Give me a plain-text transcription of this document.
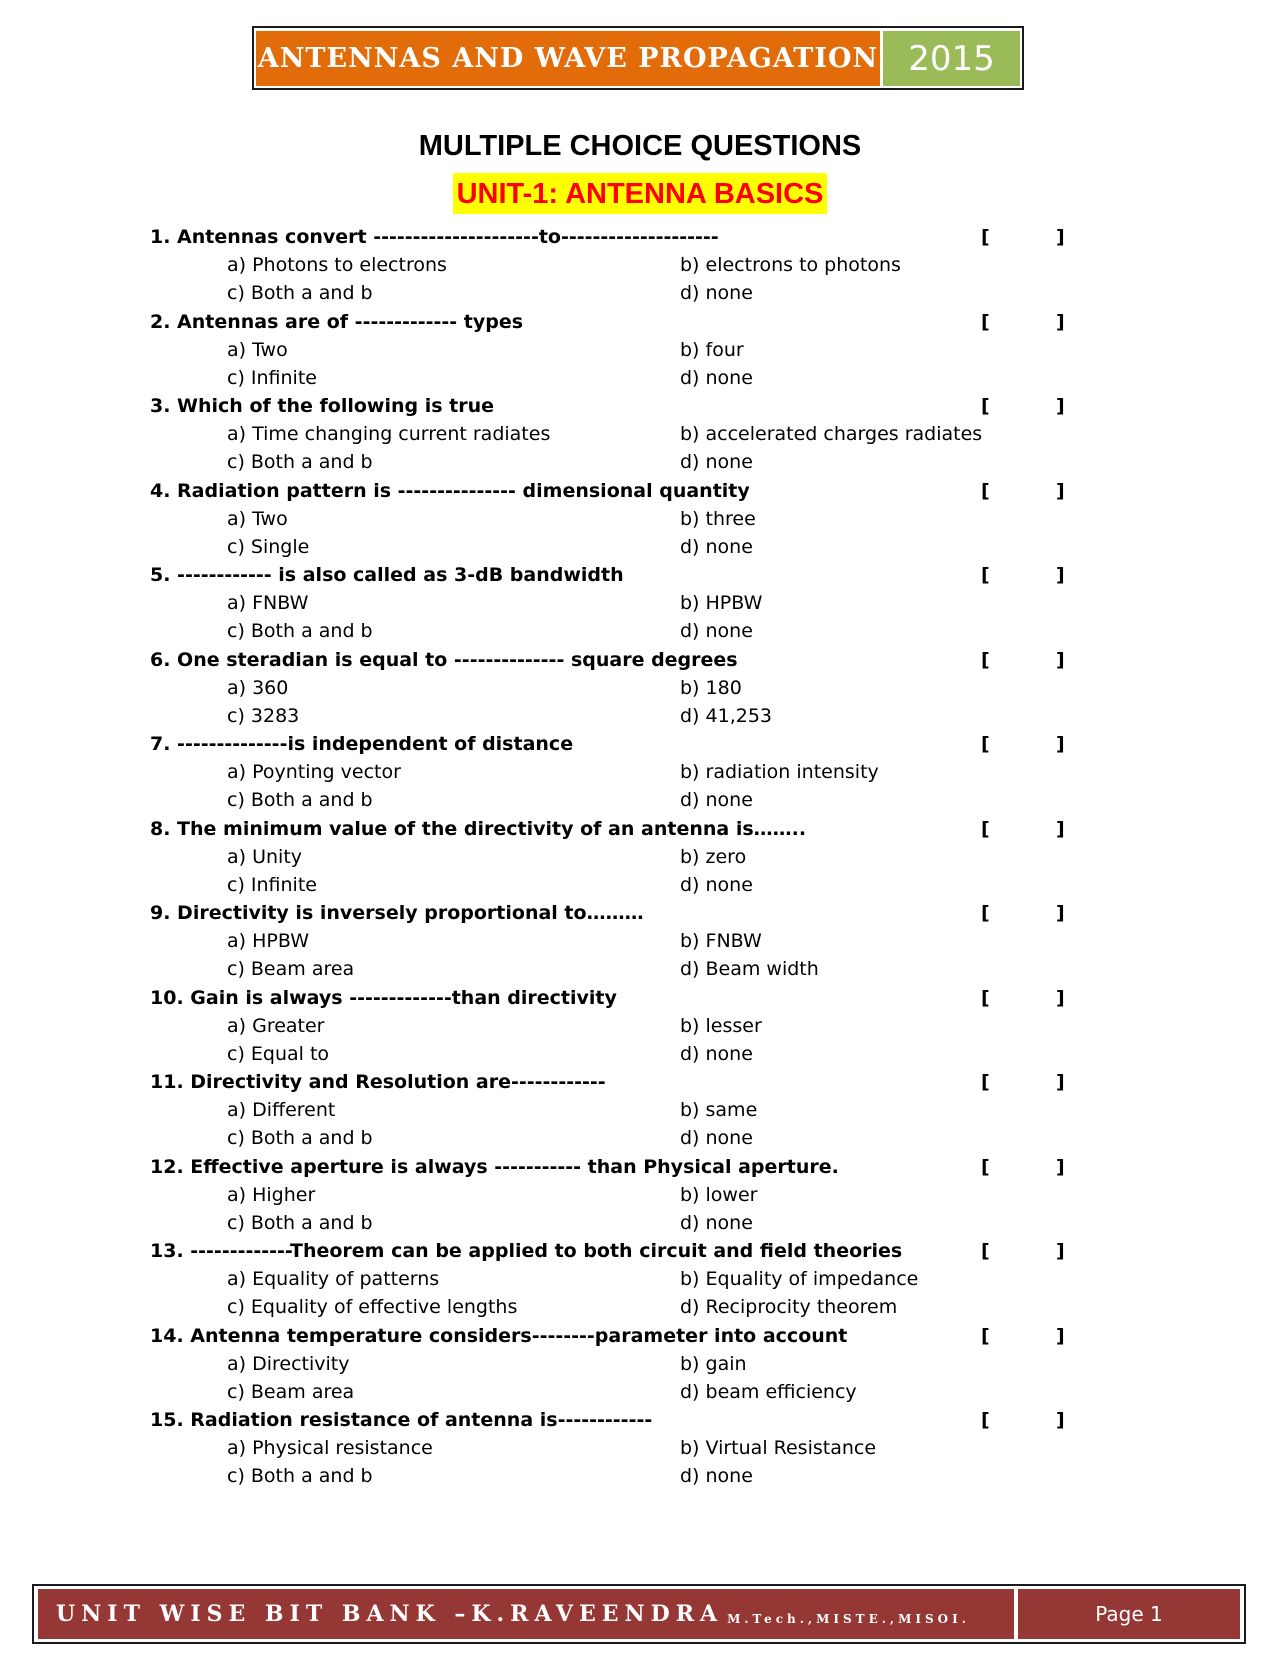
ANTENNAS AND WAVE PROPAGATION 2015
MULTIPLE CHOICE QUESTIONS
UNIT-1: ANTENNA BASICS
1. Antennas convert ---------------------to--------------------	[	]
a) Photons to electrons	b) electrons to photons
c) Both a and b	d) none
2. Antennas are of ------------- types	[	]
a) Two	b) four
c) Infinite	d) none
3. Which of the following is true	[	]
a) Time changing current radiates	b) accelerated charges radiates
c) Both a and b	d) none
4. Radiation pattern is --------------- dimensional quantity	[	]
a) Two	b) three
c) Single	d) none
5. ------------ is also called as 3-dB bandwidth	[	]
a) FNBW	b) HPBW
c) Both a and b	d) none
6. One steradian is equal to -------------- square degrees	[	]
a) 360	b) 180
c) 3283	d) 41,253
7. --------------is independent of distance	[	]
a) Poynting vector	b) radiation intensity
c) Both a and b	d) none
8. The minimum value of the directivity of an antenna is……..	[	]
a) Unity	b) zero
c) Infinite	d) none
9. Directivity is inversely proportional to………	[	]
a) HPBW	b) FNBW
c) Beam area	d) Beam width
10. Gain is always -------------than directivity	[	]
a) Greater	b) lesser
c) Equal to	d) none
11. Directivity and Resolution are------------	[	]
a) Different	b) same
c) Both a and b	d) none
12. Effective aperture is always ----------- than Physical aperture.	[	]
a) Higher	b) lower
c) Both a and b	d) none
13. -------------Theorem can be applied to both circuit and field theories	[	]
a) Equality of patterns	b) Equality of impedance
c) Equality of effective lengths	d) Reciprocity theorem
14. Antenna temperature considers--------parameter into account	[	]
a) Directivity	b) gain
c) Beam area	d) beam efficiency
15. Radiation resistance of antenna is------------	[	]
a) Physical resistance	b) Virtual Resistance
c) Both a and b	d) none
UNIT WISE BIT BANK –K.RAVEENDRA M.Tech.,MISTE.,MISOI.	Page 1
